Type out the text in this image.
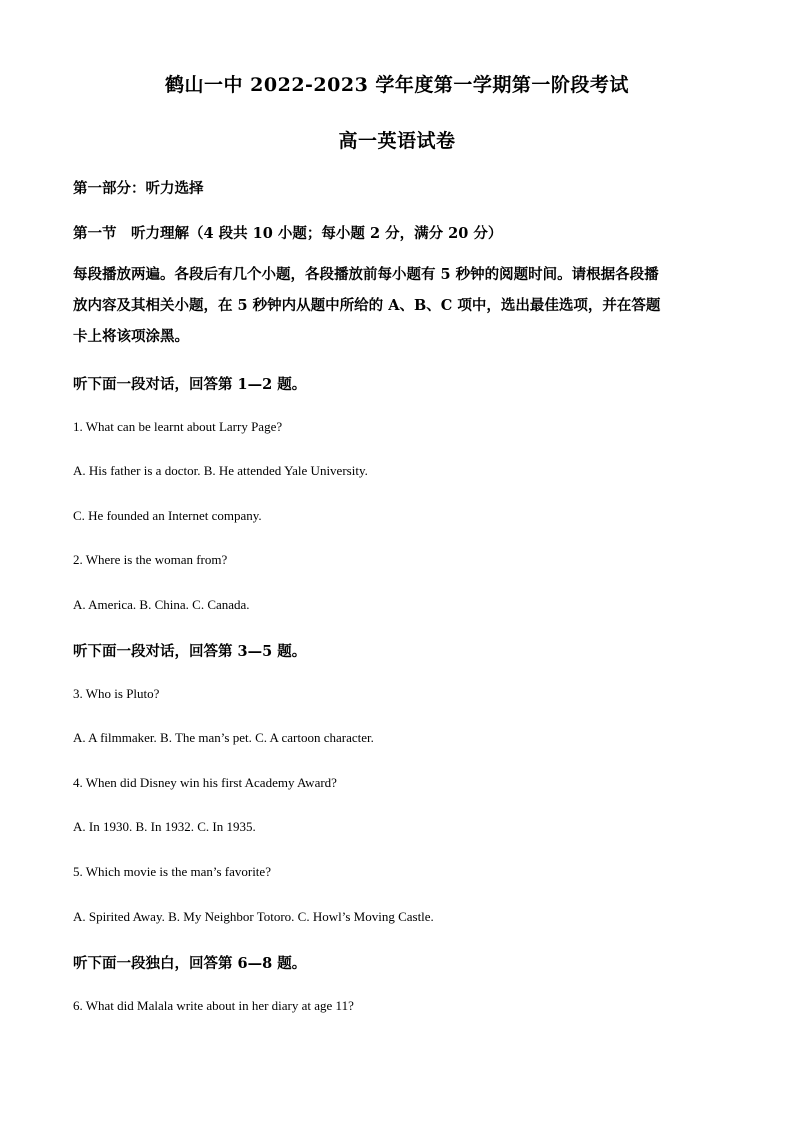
鹤山一中 2022-2023 学年度第一学期第一阶段考试
高一英语试卷
第一部分：听力选择
第一节　听力理解（4 段共 10 小题；每小题 2 分，满分 20 分）
每段播放两遍。各段后有几个小题，各段播放前每小题有 5 秒钟的阅题时间。请根据各段播
放内容及其相关小题，在 5 秒钟内从题中所给的 A、B、C 项中，选出最佳选项，并在答题
卡上将该项涂黑。
听下面一段对话，回答第 1—2 题。
1. What can be learnt about Larry Page?
A. His father is a doctor. B. He attended Yale University.
C. He founded an Internet company.
2. Where is the woman from?
A. America. B. China. C. Canada.
听下面一段对话，回答第 3—5 题。
3. Who is Pluto?
A. A filmmaker. B. The man’s pet. C. A cartoon character.
4. When did Disney win his first Academy Award?
A. In 1930. B. In 1932. C. In 1935.
5. Which movie is the man’s favorite?
A. Spirited Away. B. My Neighbor Totoro. C. Howl’s Moving Castle.
听下面一段独白，回答第 6—8 题。
6. What did Malala write about in her diary at age 11?
